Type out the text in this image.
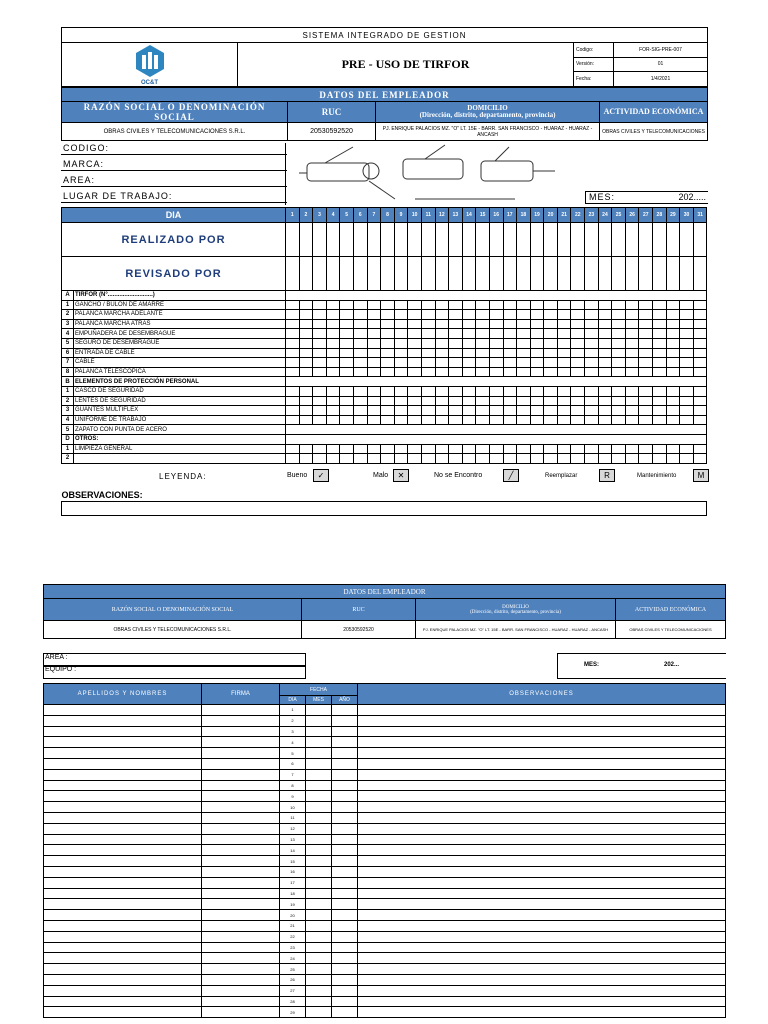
SISTEMA INTEGRADO DE GESTION			

OC&T	PRE - USO DE TIRFOR	Codigo:	FOR-SIG-PRE-007
		Versión:	01
		Fecha:	1/4/2021
DATOS DEL EMPLEADOR			
RAZÓN SOCIAL O DENOMINACIÓN SOCIAL	RUC	DOMICILIO
(Dirección, distrito, departamento, provincia)	ACTIVIDAD ECONÓMICA
OBRAS CIVILES Y TELECOMUNICACIONES S.R.L.	20530592520	PJ. ENRIQUE PALACIOS MZ. "O" LT. 15E - BARR. SAN FRANCISCO - HUARAZ - HUARAZ - ANCASH	OBRAS CIVILES Y TELECOMUNICACIONES
CODIGO:
MARCA:
AREA:
LUGAR DE TRABAJO:	MES:	202.....
DIA		1	2	3	4	5	6	7	8	9	10	11	12	13	14	15	16	17	18	19	20	21	22	23	24	25	26	27	28	29	30	31
REALIZADO POR																																
REVISADO POR																																
A	TIRFOR (N°...........................)																															
1	GANCHO / BULON DE AMARRE																															
2	PALANCA MARCHA ADELANTE																															
3	PALANCA MARCHA ATRAS																															
4	EMPUÑADERA DE DESEMBRAGUE																															
5	SEGURO DE DESEMBRAGUE																															
6	ENTRADA DE CABLE																															
7	CABLE																															
8	PALANCA TELESCÓPICA																															
B	ELEMENTOS DE PROTECCIÓN PERSONAL																															
1	CASCO DE SEGURIDAD																															
2	LENTES DE SEGURIDAD																															
3	GUANTES MULTIFLEX																															
4	UNIFORME DE TRABAJO																															
5	ZAPATO CON PUNTA DE ACERO																															
D	OTROS:																															
1	LIMPIEZA GENERAL																															
2																																
LEYENDA:	Bueno	✓	Malo	✕	No se Encontro	╱	Reemplazar	R	Mantenimiento	M
OBSERVACIONES:

DATOS DEL EMPLEADOR			
RAZÓN SOCIAL O DENOMINACIÓN SOCIAL	RUC	DOMICILIO
(Dirección, distrito, departamento, provincia)	ACTIVIDAD ECONÓMICA
OBRAS CIVILES Y TELECOMUNICACIONES S.R.L.	20530592520	PJ. ENRIQUE PALACIOS MZ. "O" LT. 15E - BARR. SAN FRANCISCO - HUARAZ - HUARAZ - ANCASH	OBRAS CIVILES Y TELECOMUNICACIONES
AREA :
EQUIPO :
MES:	202...
APELLIDOS Y NOMBRES	FIRMA	FECHA			OBSERVACIONES
		DIA	MES	AÑO	
		1			
		2			
		3			
		4			
		5			
		6			
		7			
		8			
		9			
		10			
		11			
		12			
		13			
		14			
		15			
		16			
		17			
		18			
		19			
		20			
		21			
		22			
		23			
		24			
		25			
		26			
		27			
		28			
		29			
